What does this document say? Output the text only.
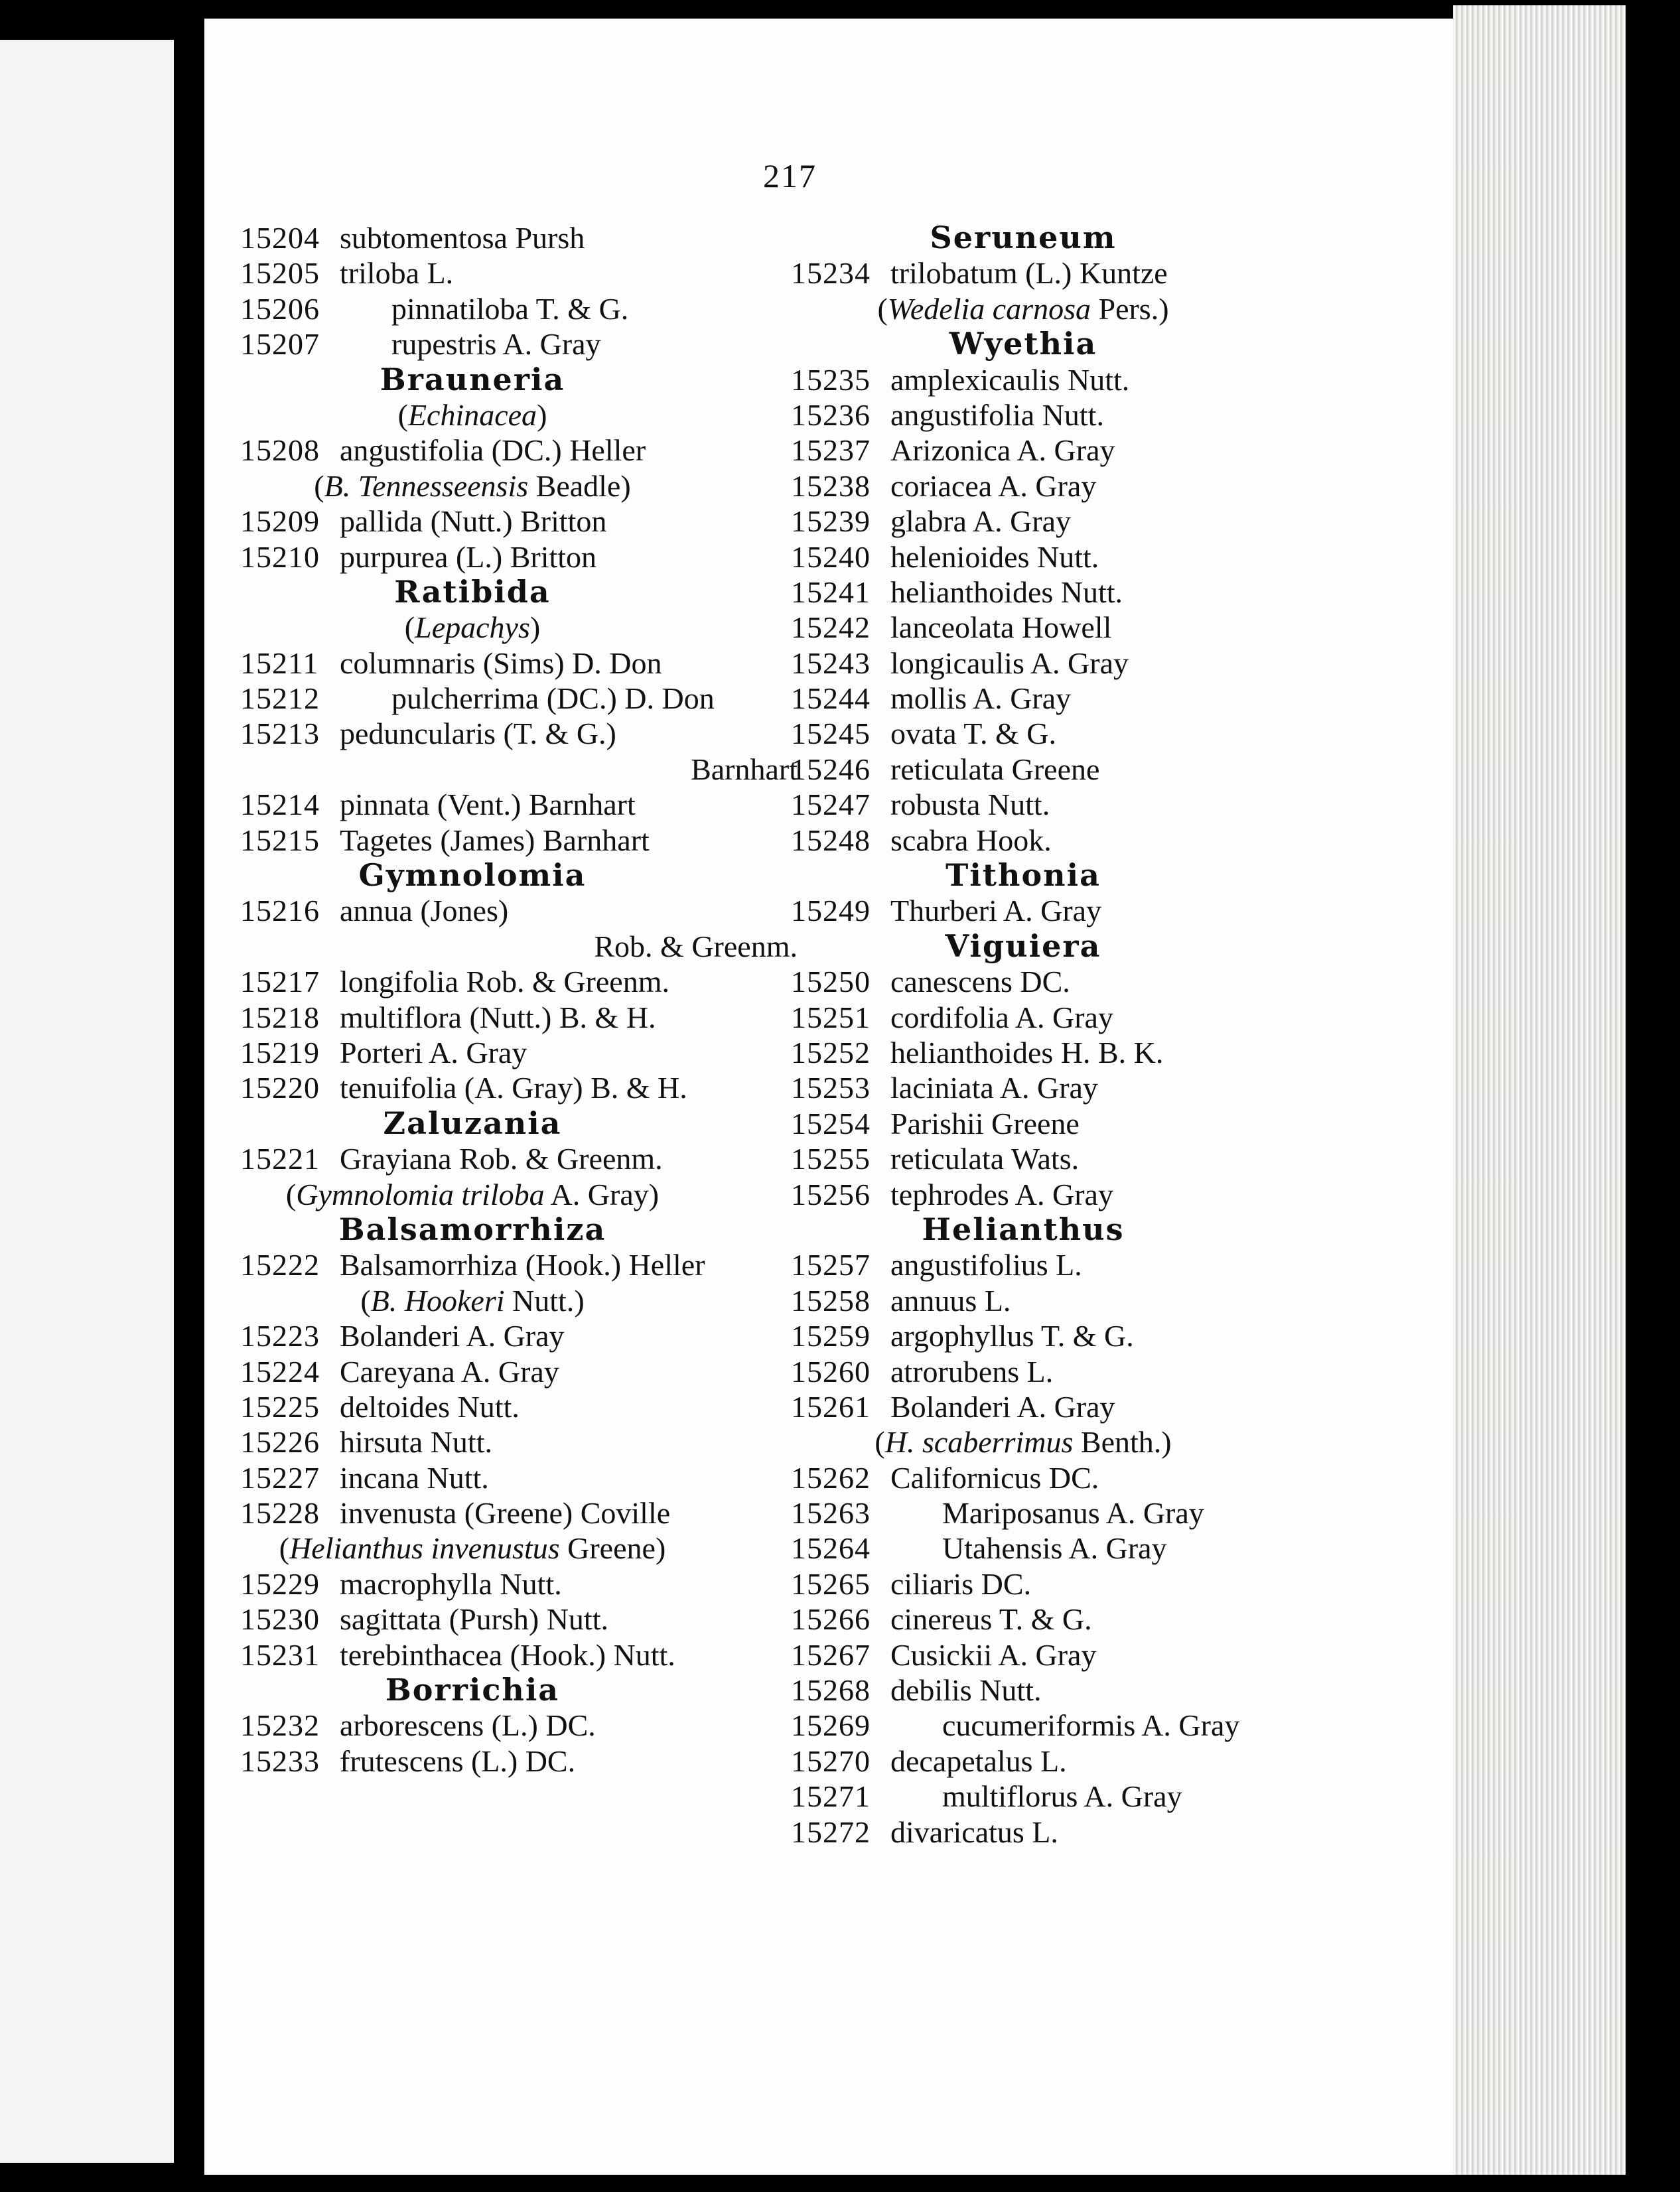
217
15204 subtomentosa Pursh
15205 triloba L.
15206	pinnatiloba T. & G.
15207	rupestris A. Gray
Brauneria
(Echinacea)
15208 angustifolia (DC.) Heller
(B. Tennesseensis Beadle)
15209 pallida (Nutt.) Britton
15210 purpurea (L.) Britton
Ratibida
(Lepachys)
15211 columnaris (Sims) D. Don
15212	pulcherrima (DC.) D. Don
15213 peduncularis (T. & G.)
Barnhart
15214 pinnata (Vent.) Barnhart
15215 Tagetes (James) Barnhart
Gymnolomia
15216 annua (Jones)
Rob. & Greenm.
15217 longifolia Rob. & Greenm.
15218 multiflora (Nutt.) B. & H.
15219 Porteri A. Gray
15220 tenuifolia (A. Gray) B. & H.
Zaluzania
15221 Grayiana Rob. & Greenm.
(Gymnolomia triloba A. Gray)
Balsamorrhiza
15222 Balsamorrhiza (Hook.) Heller
(B. Hookeri Nutt.)
15223 Bolanderi A. Gray
15224 Careyana A. Gray
15225 deltoides Nutt.
15226 hirsuta Nutt.
15227 incana Nutt.
15228 invenusta (Greene) Coville
(Helianthus invenustus Greene)
15229 macrophylla Nutt.
15230 sagittata (Pursh) Nutt.
15231 terebinthacea (Hook.) Nutt.
Borrichia
15232 arborescens (L.) DC.
15233 frutescens (L.) DC.
Seruneum
15234 trilobatum (L.) Kuntze
(Wedelia carnosa Pers.)
Wyethia
15235 amplexicaulis Nutt.
15236 angustifolia Nutt.
15237 Arizonica A. Gray
15238 coriacea A. Gray
15239 glabra A. Gray
15240 helenioides Nutt.
15241 helianthoides Nutt.
15242 lanceolata Howell
15243 longicaulis A. Gray
15244 mollis A. Gray
15245 ovata T. & G.
15246 reticulata Greene
15247 robusta Nutt.
15248 scabra Hook.
Tithonia
15249 Thurberi A. Gray
Viguiera
15250 canescens DC.
15251 cordifolia A. Gray
15252 helianthoides H. B. K.
15253 laciniata A. Gray
15254 Parishii Greene
15255 reticulata Wats.
15256 tephrodes A. Gray
Helianthus
15257 angustifolius L.
15258 annuus L.
15259 argophyllus T. & G.
15260 atrorubens L.
15261 Bolanderi A. Gray
(H. scaberrimus Benth.)
15262 Californicus DC.
15263	Mariposanus A. Gray
15264	Utahensis A. Gray
15265 ciliaris DC.
15266 cinereus T. & G.
15267 Cusickii A. Gray
15268 debilis Nutt.
15269	cucumeriformis A. Gray
15270 decapetalus L.
15271	multiflorus A. Gray
15272 divaricatus L.
